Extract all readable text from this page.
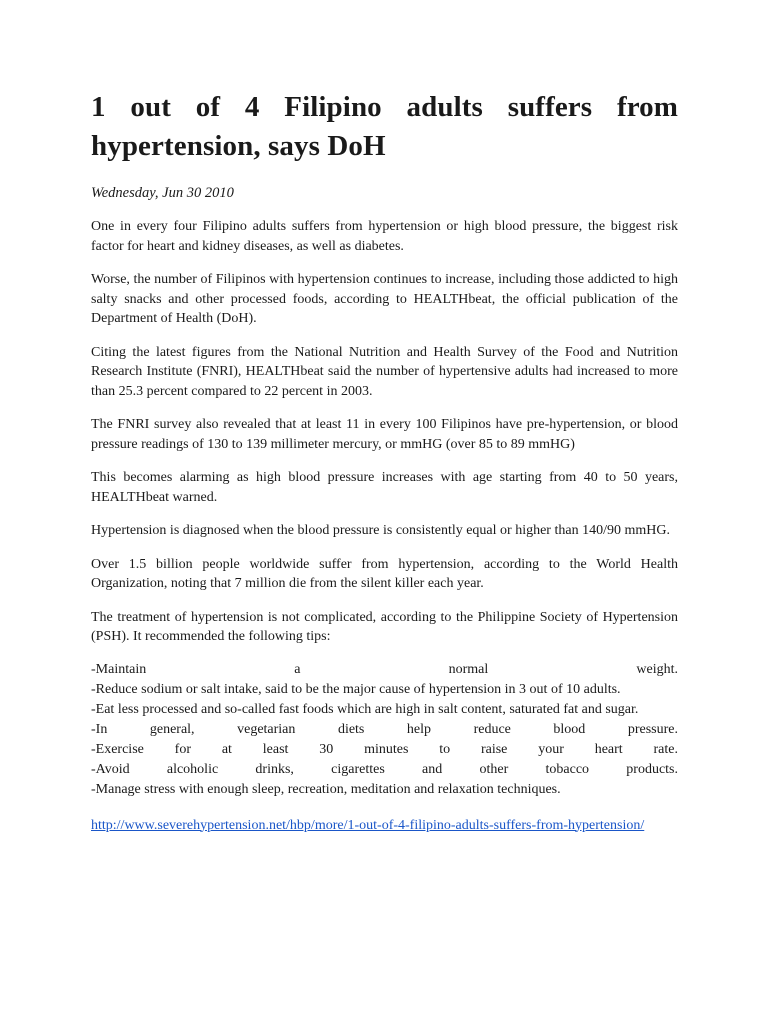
1 out of 4 Filipino adults suffers from hypertension, says DoH
Wednesday, Jun 30 2010

One in every four Filipino adults suffers from hypertension or high blood pressure, the biggest risk factor for heart and kidney diseases, as well as diabetes.

Worse, the number of Filipinos with hypertension continues to increase, including those addicted to high salty snacks and other processed foods, according to HEALTHbeat, the official publication of the Department of Health (DoH).

Citing the latest figures from the National Nutrition and Health Survey of the Food and Nutrition Research Institute (FNRI), HEALTHbeat said the number of hypertensive adults had increased to more than 25.3 percent compared to 22 percent in 2003.

The FNRI survey also revealed that at least 11 in every 100 Filipinos have pre-hypertension, or blood pressure readings of 130 to 139 millimeter mercury, or mmHG (over 85 to 89 mmHG)

This becomes alarming as high blood pressure increases with age starting from 40 to 50 years, HEALTHbeat warned.

Hypertension is diagnosed when the blood pressure is consistently equal or higher than 140/90 mmHG.

Over 1.5 billion people worldwide suffer from hypertension, according to the World Health Organization, noting that 7 million die from the silent killer each year.

The treatment of hypertension is not complicated, according to the Philippine Society of Hypertension (PSH). It recommended the following tips:

-Maintain a normal weight.
-Reduce sodium or salt intake, said to be the major cause of hypertension in 3 out of 10 adults.
-Eat less processed and so-called fast foods which are high in salt content, saturated fat and sugar.
-In general, vegetarian diets help reduce blood pressure.
-Exercise for at least 30 minutes to raise your heart rate.
-Avoid alcoholic drinks, cigarettes and other tobacco products.
-Manage stress with enough sleep, recreation, meditation and relaxation techniques.
http://www.severehypertension.net/hbp/more/1-out-of-4-filipino-adults-suffers-from-hypertension/
